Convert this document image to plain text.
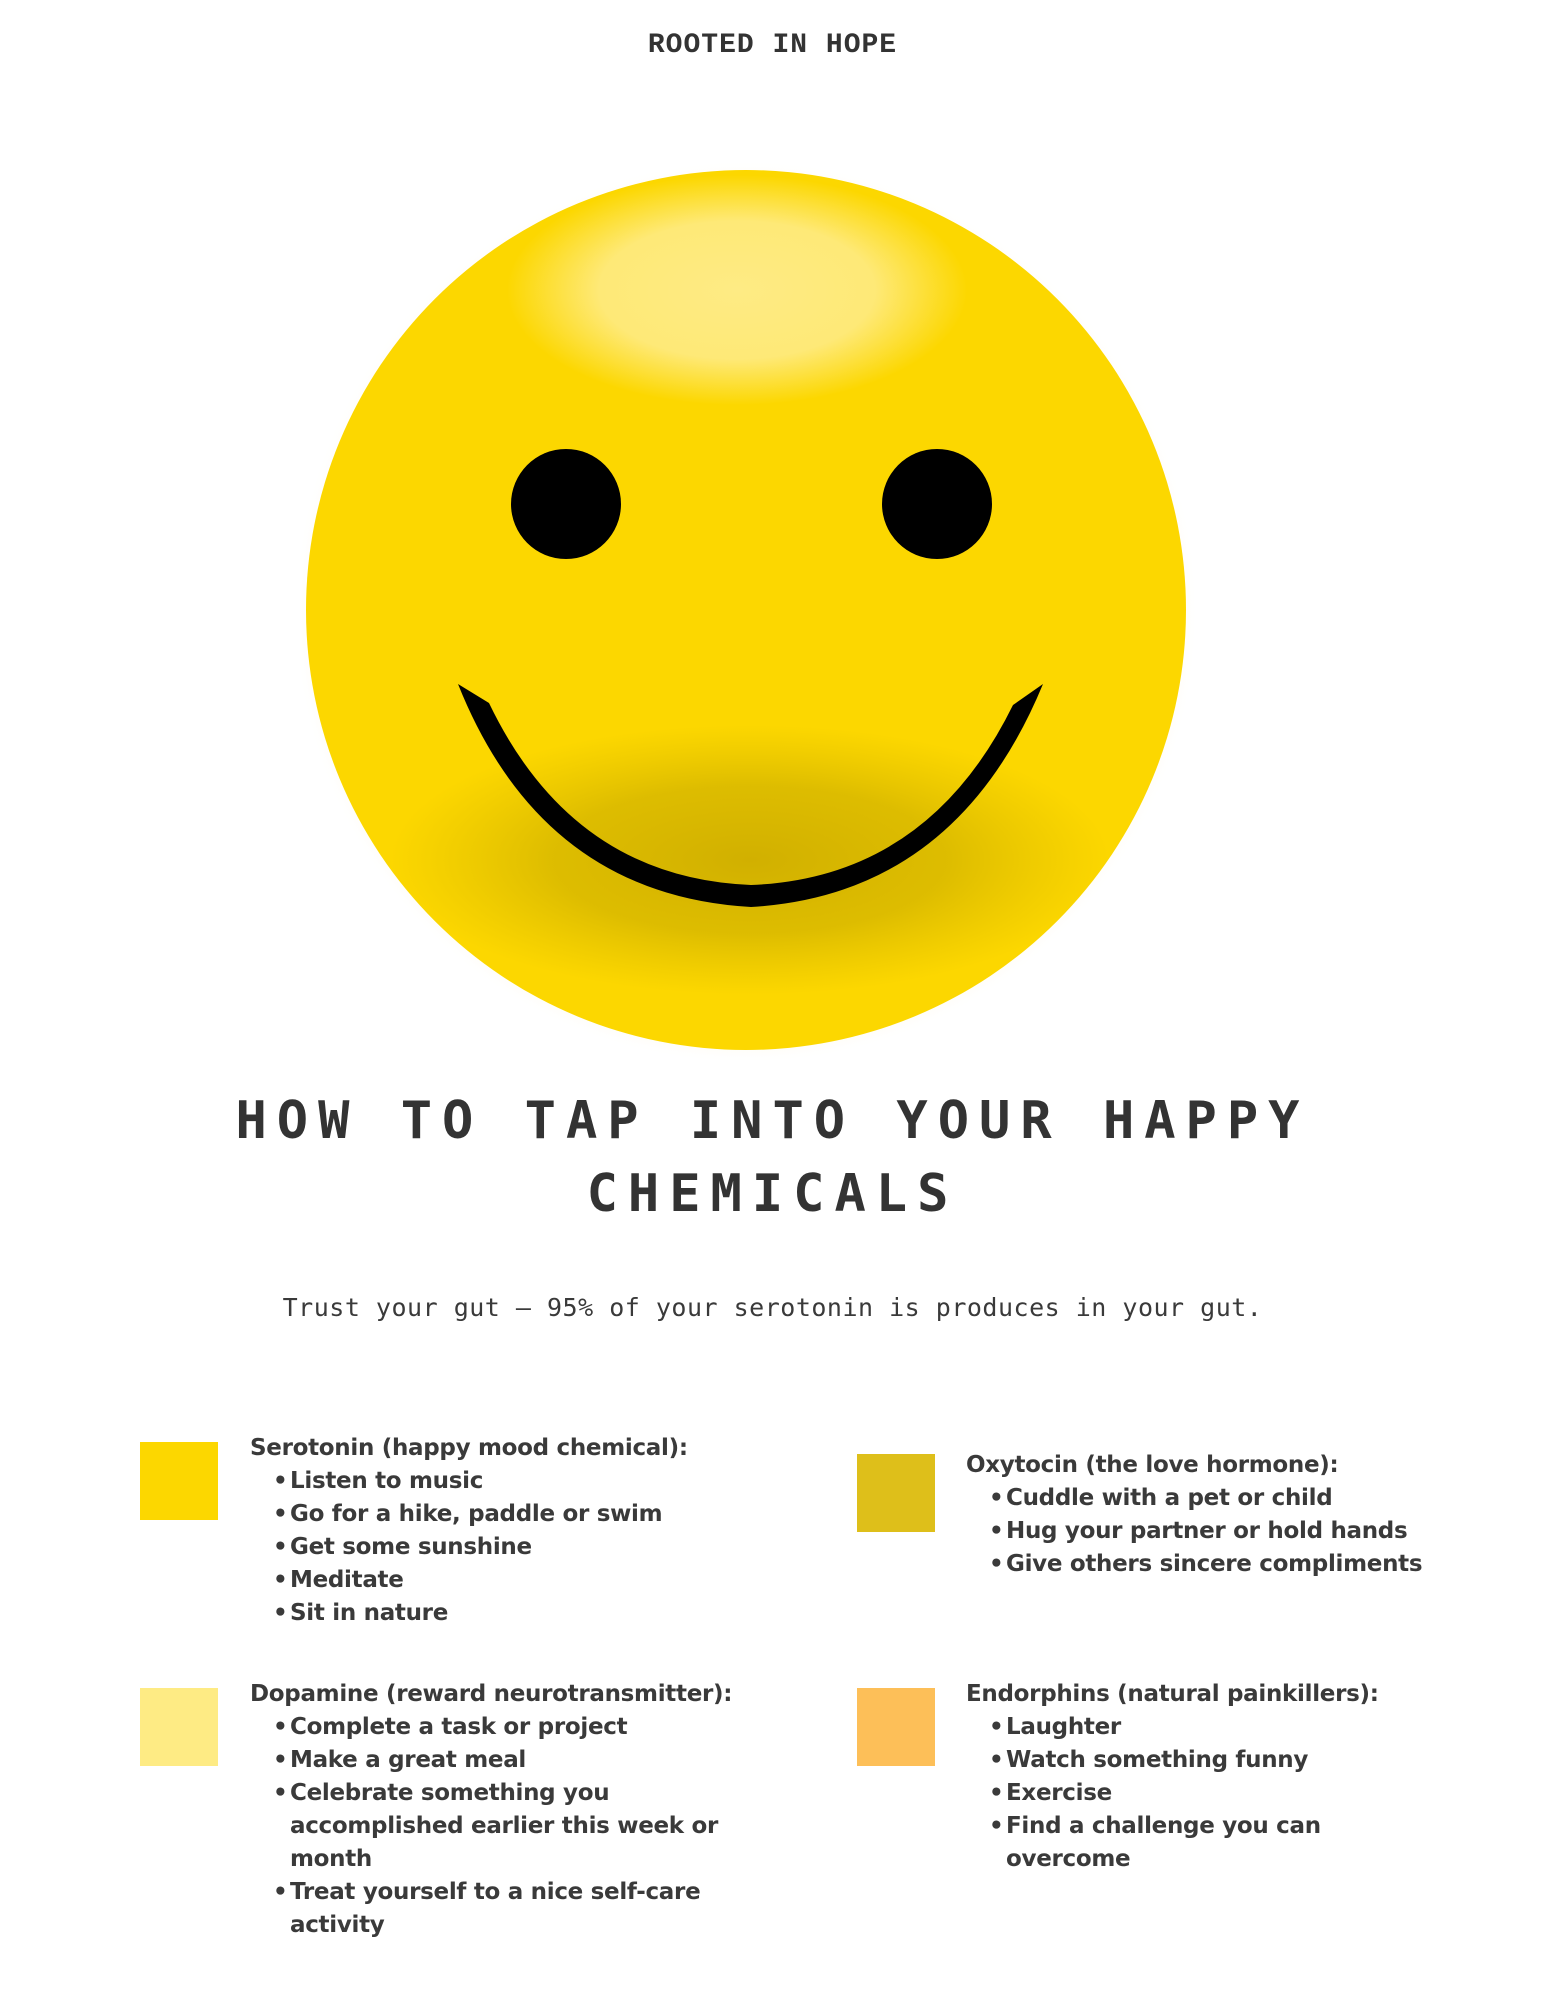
ROOTED IN HOPE
HOW TO TAP INTO YOUR HAPPY
CHEMICALS
Trust your gut — 95% of your serotonin is produces in your gut.

Serotonin (happy mood chemical):

• Listen to music
• Go for a hike, paddle or swim
• Get some sunshine
• Meditate
• Sit in nature

Oxytocin (the love hormone):

• Cuddle with a pet or child
• Hug your partner or hold hands
• Give others sincere compliments

Dopamine (reward neurotransmitter):

• Complete a task or project
• Make a great meal
• Celebrate something you
accomplished earlier this week or
month
• Treat yourself to a nice self-care
activity

Endorphins (natural painkillers):

• Laughter
• Watch something funny
• Exercise
• Find a challenge you can
overcome
